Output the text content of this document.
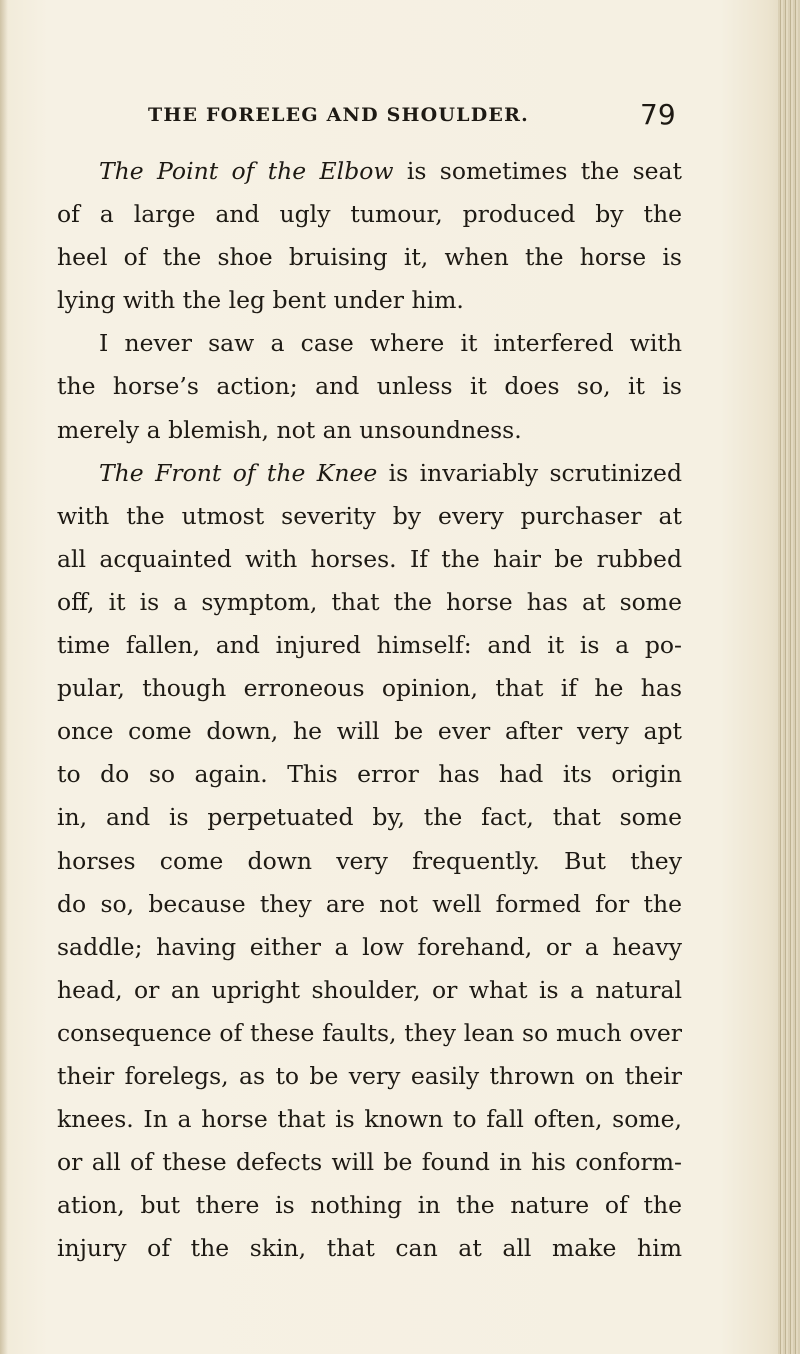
THE FORELEG AND SHOULDER.	79
The Point of the Elbow is sometimes the seat
of a large and ugly tumour, produced by the
heel of the shoe bruising it, when the horse is
lying with the leg bent under him.
I never saw a case where it interfered with
the horse’s action; and unless it does so, it is
merely a blemish, not an unsoundness.
The Front of the Knee is invariably scrutinized
with the utmost severity by every purchaser at
all acquainted with horses. If the hair be rubbed
off, it is a symptom, that the horse has at some
time fallen, and injured himself: and it is a po-
pular, though erroneous opinion, that if he has
once come down, he will be ever after very apt
to do so again. This error has had its origin
in, and is perpetuated by, the fact, that some
horses come down very frequently. But they
do so, because they are not well formed for the
saddle; having either a low forehand, or a heavy
head, or an upright shoulder, or what is a natural
consequence of these faults, they lean so much over
their forelegs, as to be very easily thrown on their
knees. In a horse that is known to fall often, some,
or all of these defects will be found in his conform-
ation, but there is nothing in the nature of the
injury of the skin, that can at all make him
